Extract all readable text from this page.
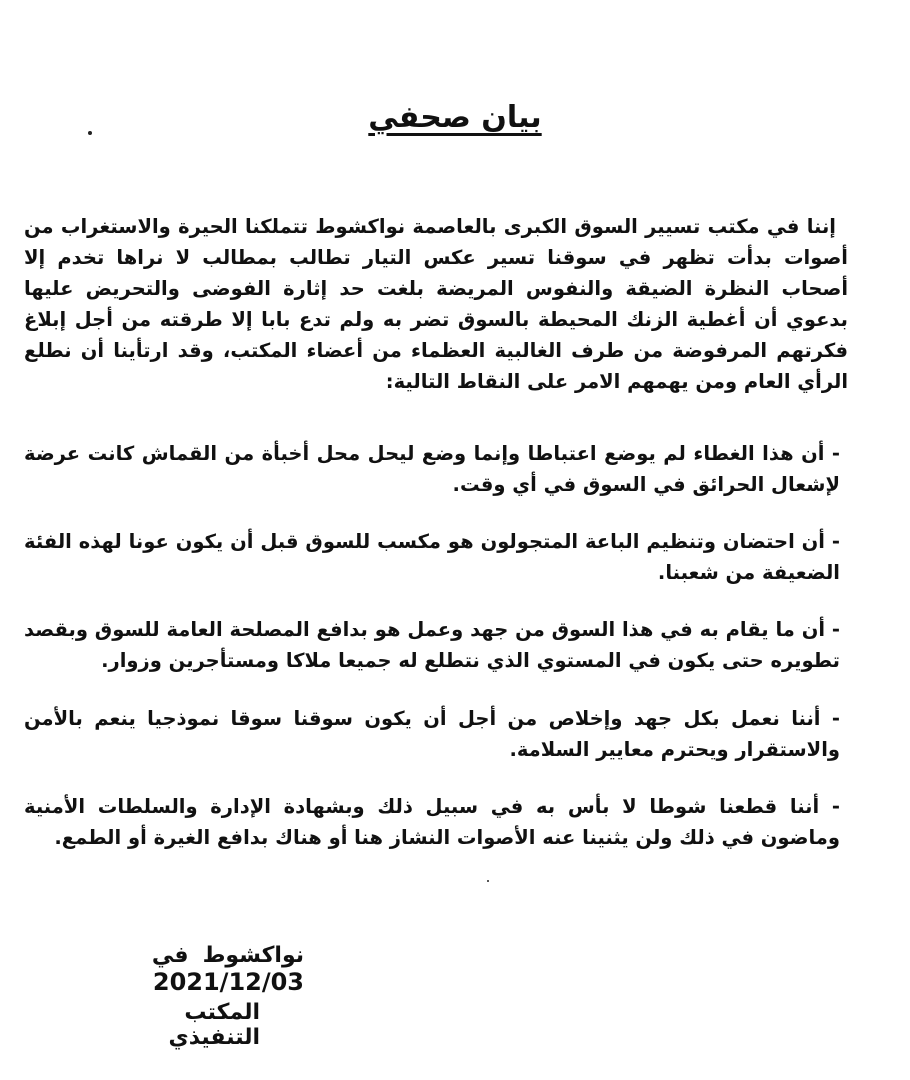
بيان صحفي
إننا في مكتب تسيير السوق الكبرى بالعاصمة نواكشوط تتملكنا الحيرة والاستغراب من أصوات بدأت تظهر في سوقنا تسير عكس التيار تطالب بمطالب لا نراها تخدم إلا أصحاب النظرة الضيقة والنفوس المريضة بلغت حد إثارة الفوضى والتحريض عليها بدعوي أن أغطية الزنك المحيطة بالسوق تضر به ولم تدع بابا إلا طرقته من أجل إبلاغ فكرتهم المرفوضة من طرف الغالبية العظماء من أعضاء المكتب، وقد ارتأينا أن نطلع الرأي العام ومن يهمهم الامر على النقاط التالية:
- أن هذا الغطاء لم يوضع اعتباطا وإنما وضع ليحل محل أخبأة من القماش كانت عرضة لإشعال الحرائق في السوق في أي وقت.
- أن احتضان وتنظيم الباعة المتجولون هو مكسب للسوق قبل أن يكون عونا لهذه الفئة الضعيفة من شعبنا.
- أن ما يقام به في هذا السوق من جهد وعمل هو بدافع المصلحة العامة للسوق وبقصد تطويره حتى يكون في المستوي الذي نتطلع له جميعا ملاكا ومستأجرين وزوار.
- أننا نعمل بكل جهد وإخلاص من أجل أن يكون سوقنا سوقا نموذجيا ينعم بالأمن والاستقرار ويحترم معايير السلامة.
- أننا قطعنا شوطا لا بأس به في سبيل ذلك وبشهادة الإدارة والسلطات الأمنية وماضون في ذلك ولن يثنينا عنه الأصوات النشاز هنا أو هناك بدافع الغيرة أو الطمع.
نواكشوطفي 2021/12/03
المكتب التنفيذي
